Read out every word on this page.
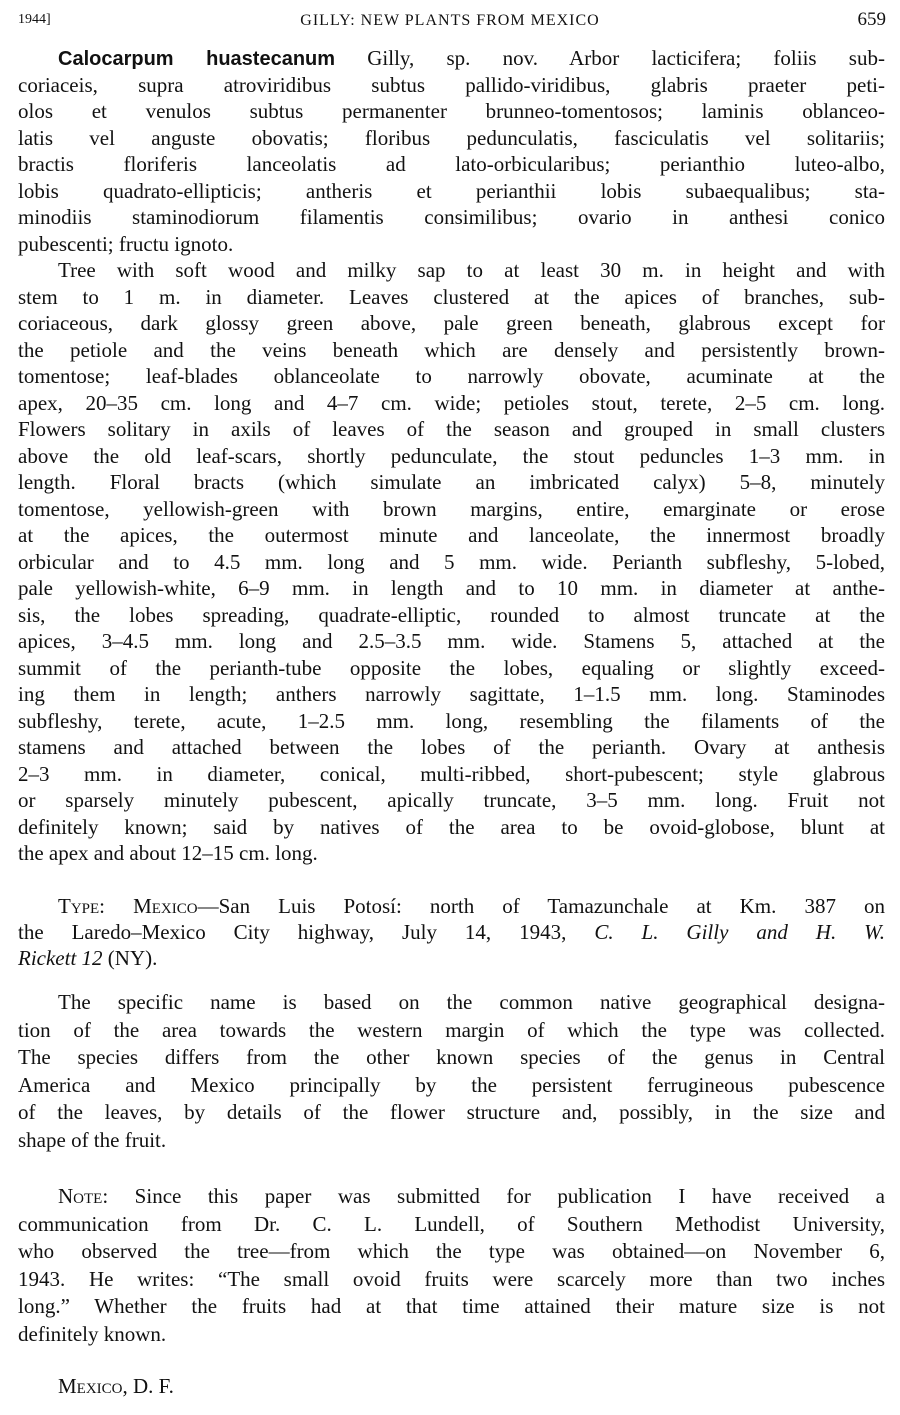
1944]	GILLY: NEW PLANTS FROM MEXICO	659
Calocarpum huastecanum Gilly, sp. nov. Arbor lacticifera; foliis sub-
coriaceis, supra atroviridibus subtus pallido-viridibus, glabris praeter peti-
olos et venulos subtus permanenter brunneo-tomentosos; laminis oblanceo-
latis vel anguste obovatis; floribus pedunculatis, fasciculatis vel solitariis;
bractis floriferis lanceolatis ad lato-orbicularibus; perianthio luteo-albo,
lobis quadrato-ellipticis; antheris et perianthii lobis subaequalibus; sta-
minodiis staminodiorum filamentis consimilibus; ovario in anthesi conico
pubescenti; fructu ignoto.
Tree with soft wood and milky sap to at least 30 m. in height and with
stem to 1 m. in diameter. Leaves clustered at the apices of branches, sub-
coriaceous, dark glossy green above, pale green beneath, glabrous except for
the petiole and the veins beneath which are densely and persistently brown-
tomentose; leaf-blades oblanceolate to narrowly obovate, acuminate at the
apex, 20–35 cm. long and 4–7 cm. wide; petioles stout, terete, 2–5 cm. long.
Flowers solitary in axils of leaves of the season and grouped in small clusters
above the old leaf-scars, shortly pedunculate, the stout peduncles 1–3 mm. in
length. Floral bracts (which simulate an imbricated calyx) 5–8, minutely
tomentose, yellowish-green with brown margins, entire, emarginate or erose
at the apices, the outermost minute and lanceolate, the innermost broadly
orbicular and to 4.5 mm. long and 5 mm. wide. Perianth subfleshy, 5-lobed,
pale yellowish-white, 6–9 mm. in length and to 10 mm. in diameter at anthe-
sis, the lobes spreading, quadrate-elliptic, rounded to almost truncate at the
apices, 3–4.5 mm. long and 2.5–3.5 mm. wide. Stamens 5, attached at the
summit of the perianth-tube opposite the lobes, equaling or slightly exceed-
ing them in length; anthers narrowly sagittate, 1–1.5 mm. long. Staminodes
subfleshy, terete, acute, 1–2.5 mm. long, resembling the filaments of the
stamens and attached between the lobes of the perianth. Ovary at anthesis
2–3 mm. in diameter, conical, multi-ribbed, short-pubescent; style glabrous
or sparsely minutely pubescent, apically truncate, 3–5 mm. long. Fruit not
definitely known; said by natives of the area to be ovoid-globose, blunt at
the apex and about 12–15 cm. long.
Type: Mexico—San Luis Potosí: north of Tamazunchale at Km. 387 on
the Laredo–Mexico City highway, July 14, 1943, C. L. Gilly and H. W.
Rickett 12 (NY).
The specific name is based on the common native geographical designa-
tion of the area towards the western margin of which the type was collected.
The species differs from the other known species of the genus in Central
America and Mexico principally by the persistent ferrugineous pubescence
of the leaves, by details of the flower structure and, possibly, in the size and
shape of the fruit.
Note: Since this paper was submitted for publication I have received a
communication from Dr. C. L. Lundell, of Southern Methodist University,
who observed the tree—from which the type was obtained—on November 6,
1943. He writes: “The small ovoid fruits were scarcely more than two inches
long.” Whether the fruits had at that time attained their mature size is not
definitely known.
Mexico, D. F.
